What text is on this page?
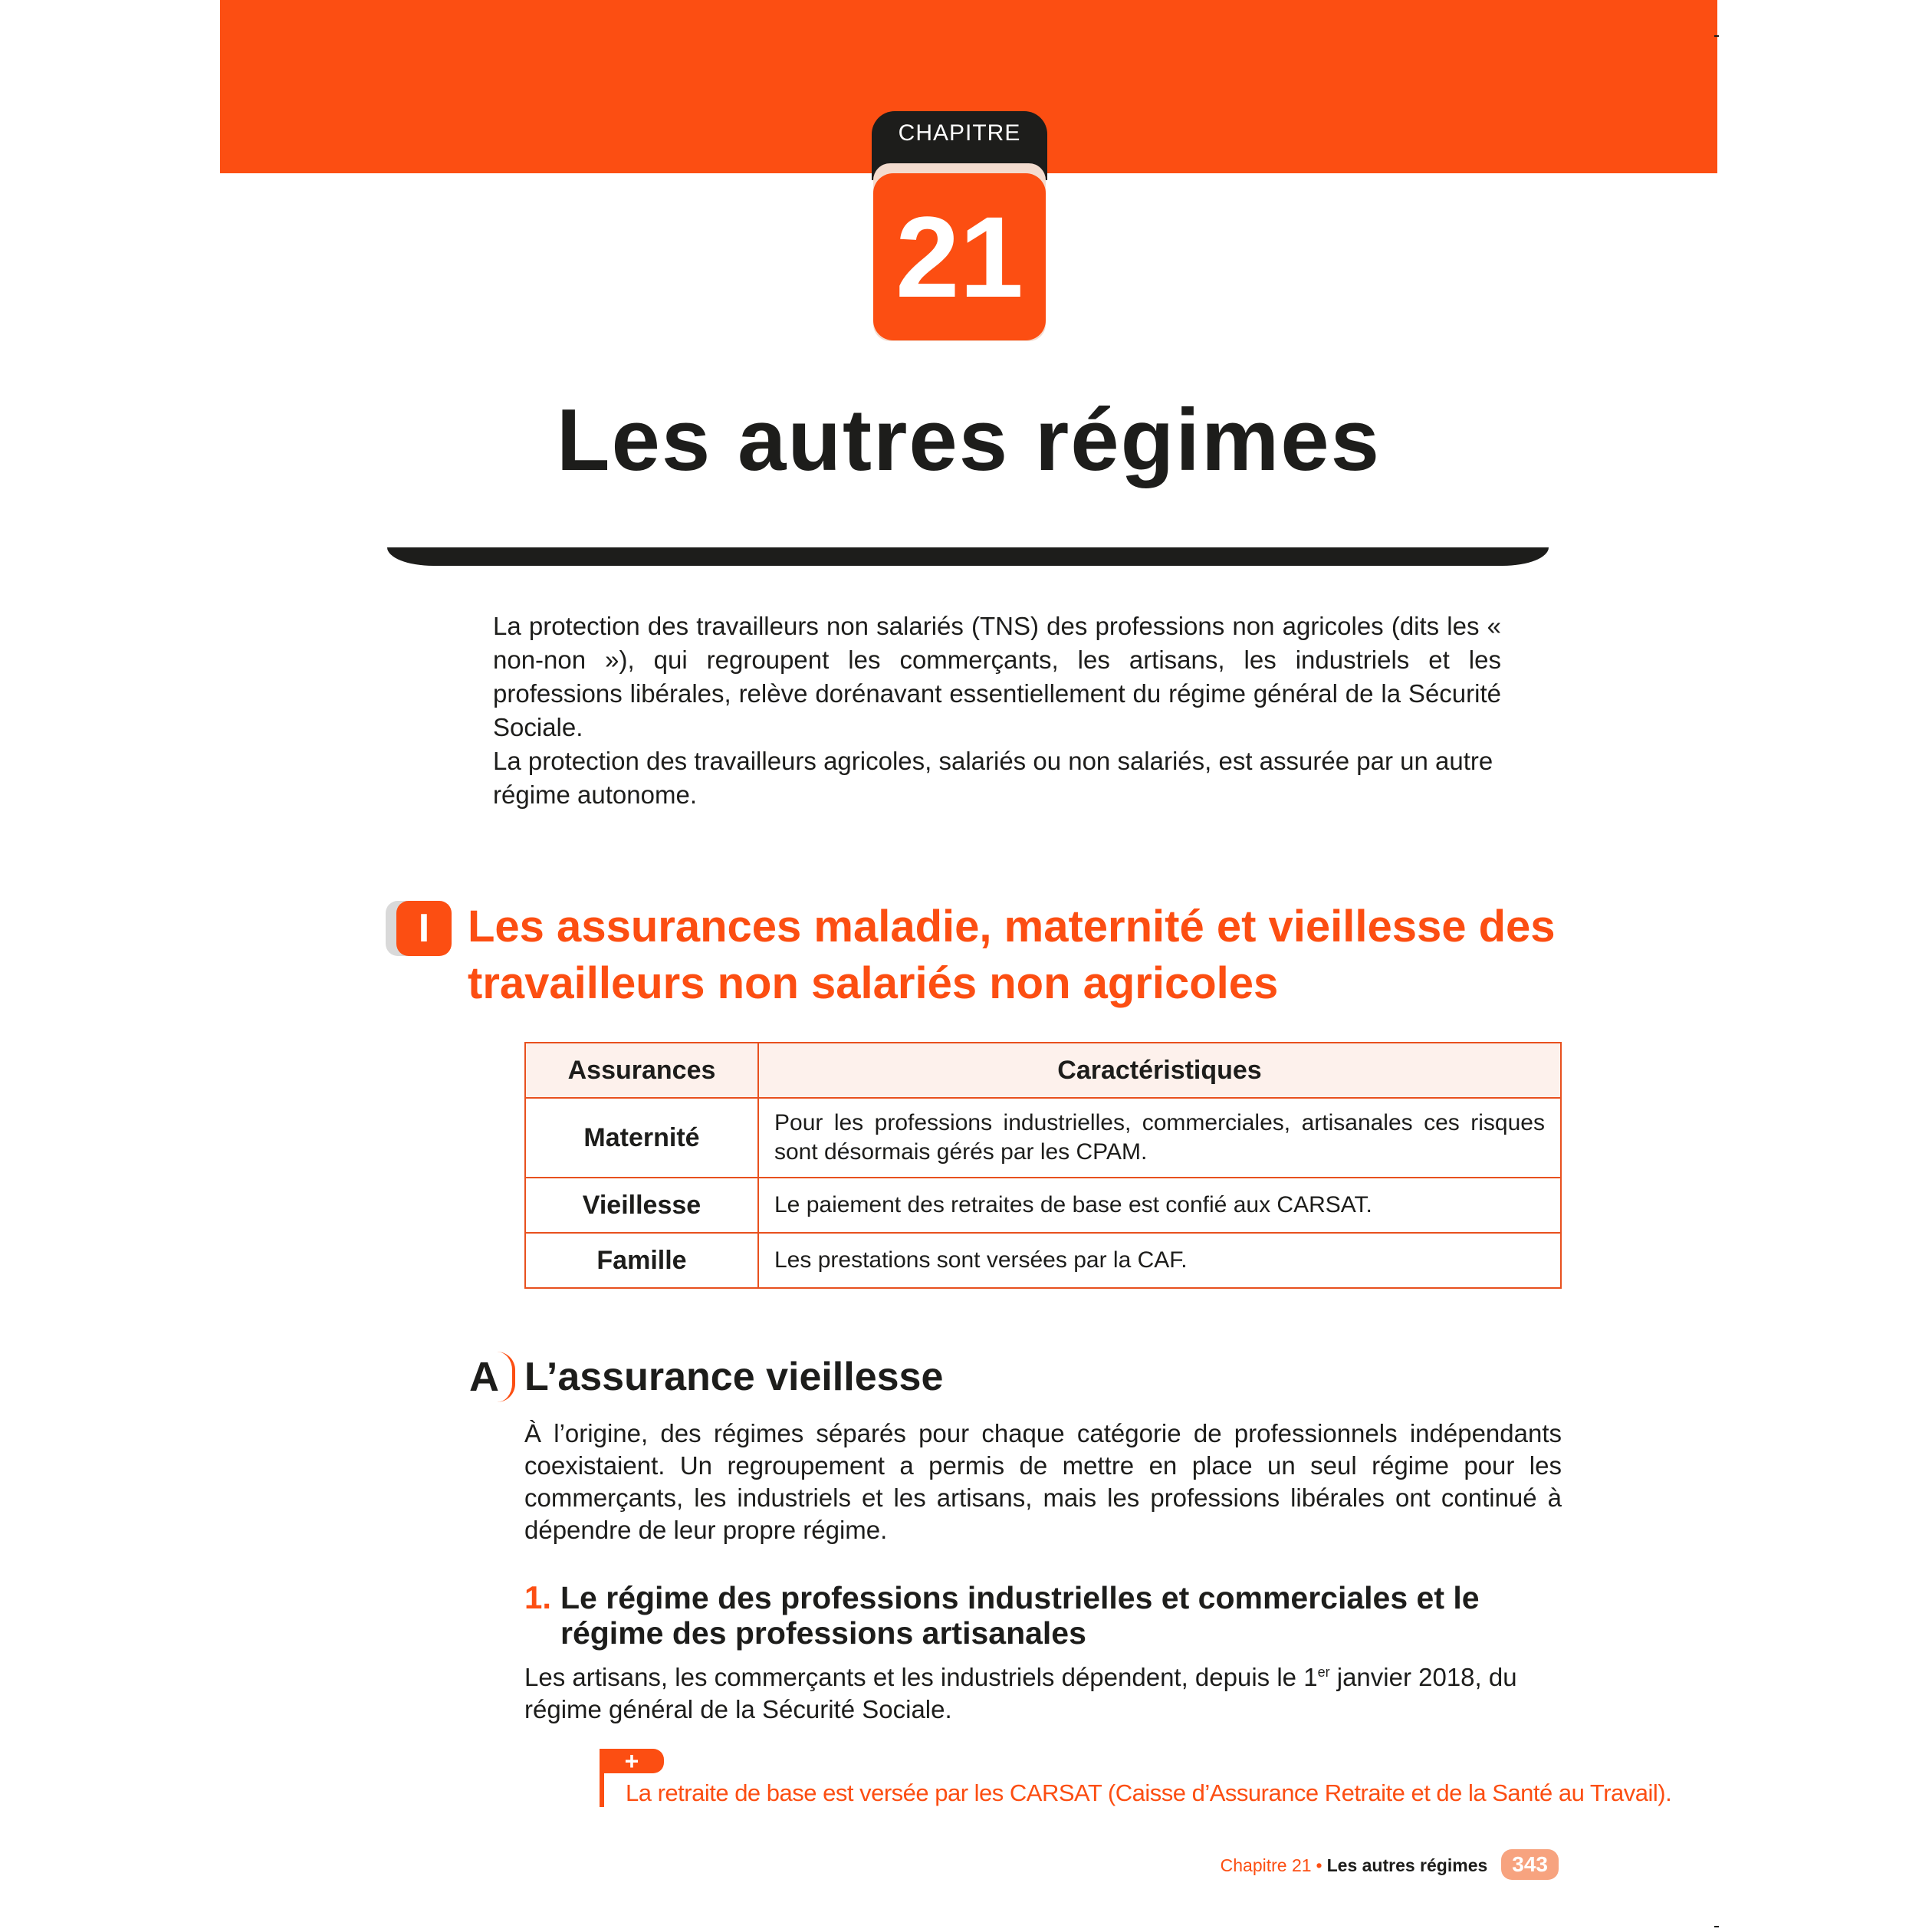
CHAPITRE
21
Les autres régimes

La protection des travailleurs non salariés (TNS) des professions non agricoles (dits les « non-non »), qui regroupent les commerçants, les artisans, les industriels et les professions libérales, relève dorénavant essentiellement du régime général de la Sécurité Sociale.

La protection des travailleurs agricoles, salariés ou non salariés, est assurée par un autre régime autonome.

I Les assurances maladie, maternité et vieillesse des travailleurs non salariés non agricoles
Assurances	Caractéristiques
Maternité	Pour les professions industrielles, commerciales, artisanales ces risques sont désormais gérés par les CPAM.
Vieillesse	Le paiement des retraites de base est confié aux CARSAT.
Famille	Les prestations sont versées par la CAF.
A L’assurance vieillesse

À l’origine, des régimes séparés pour chaque catégorie de professionnels indépendants coexistaient. Un regroupement a permis de mettre en place un seul régime pour les commerçants, les industriels et les artisans, mais les professions libérales ont continué à dépendre de leur propre régime.

1. Le régime des professions industrielles et commerciales et le régime des professions artisanales
Les artisans, les commerçants et les industriels dépendent, depuis le 1er janvier 2018, du régime général de la Sécurité Sociale.
+
La retraite de base est versée par les CARSAT (Caisse d’Assurance Retraite et de la Santé au Travail).
Chapitre 21 • Les autres régimes 343
